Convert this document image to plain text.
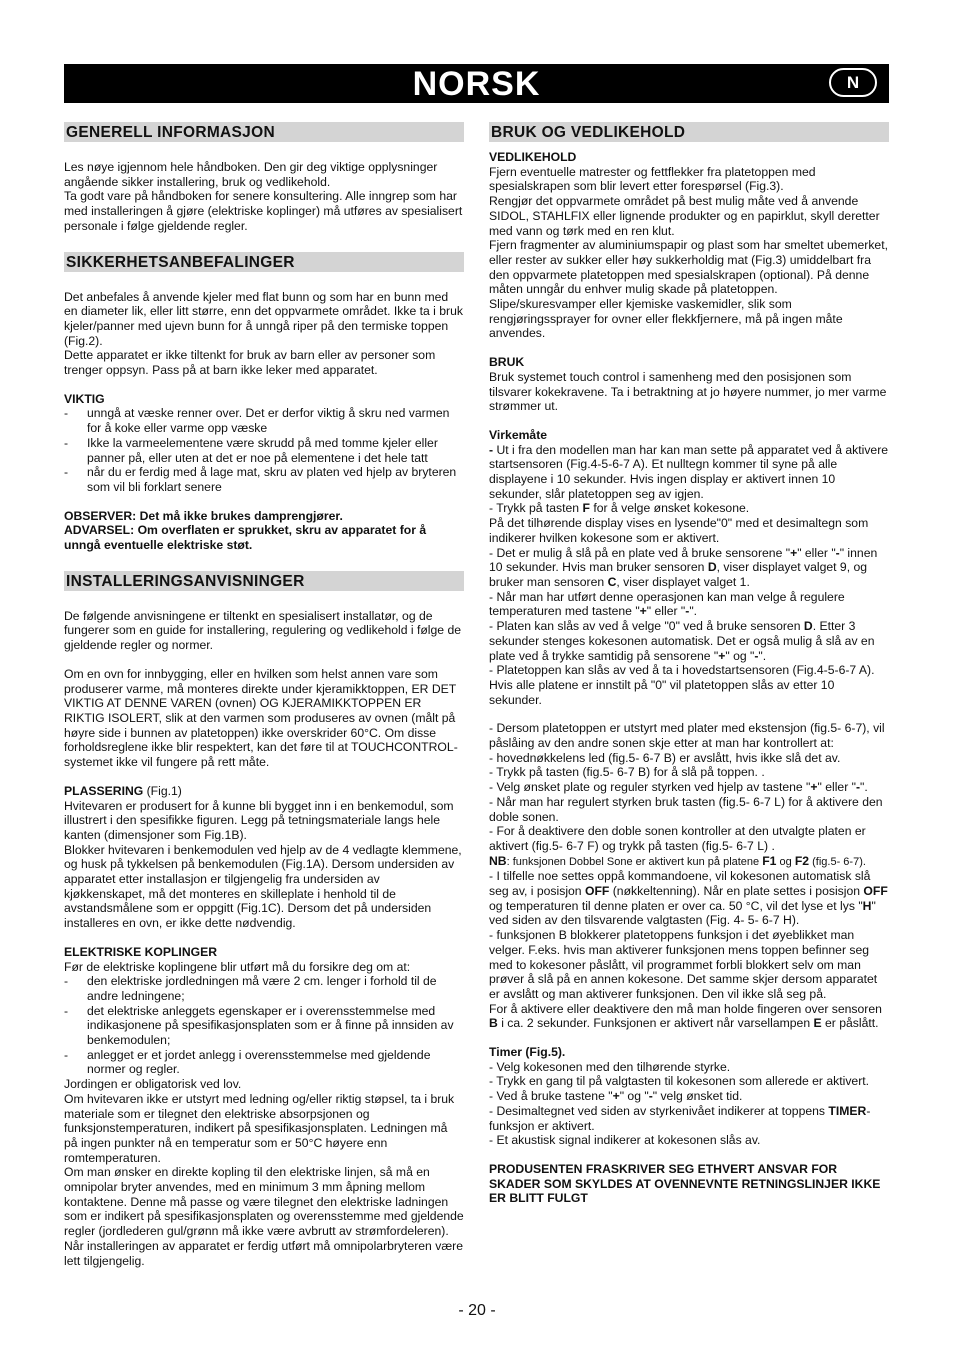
NORSK	N
GENERELL INFORMASJON

Les nøye igjennom hele håndboken. Den gir deg viktige opplysninger angående sikker installering, bruk og vedlikehold.

Ta godt vare på håndboken for senere konsultering. Alle inngrep som har med installeringen å gjøre (elektriske koplinger) må utføres av spesialisert personale i følge gjeldende regler.

SIKKERHETSANBEFALINGER

Det anbefales å anvende kjeler med flat bunn og som har en bunn med en diameter lik, eller litt større, enn det oppvarmete området. Ikke ta i bruk kjeler/panner med ujevn bunn for å unngå riper på den termiske toppen (Fig.2).

Dette apparatet er ikke tiltenkt for bruk av barn eller av personer som trenger oppsyn. Pass på at barn ikke leker med apparatet.

VIKTIG

- unngå at væske renner over. Det er derfor viktig å skru ned varmen for å koke eller varme opp væske
- Ikke la varmeelementene være skrudd på med tomme kjeler eller panner på, eller uten at det er noe på elementene i det hele tatt
- når du er ferdig med å lage mat, skru av platen ved hjelp av bryteren som vil bli forklart senere

OBSERVER: Det må ikke brukes damprengjører.

ADVARSEL: Om overflaten er sprukket, skru av apparatet for å unngå eventuelle elektriske støt.

INSTALLERINGSANVISNINGER

De følgende anvisningene er tiltenkt en spesialisert installatør, og de fungerer som en guide for installering, regulering og vedlikehold i følge de gjeldende regler og normer.

Om en ovn for innbygging, eller en hvilken som helst annen vare som produserer varme, må monteres direkte under kjeramikktoppen, ER DET VIKTIG AT DENNE VAREN (ovnen) OG KJERAMIKKTOPPEN ER RIKTIG ISOLERT, slik at den varmen som produseres av ovnen (målt på høyre side i bunnen av platetoppen) ikke overskrider 60°C. Om disse forholdsreglene ikke blir respektert, kan det føre til at TOUCHCONTROL-systemet ikke vil fungere på rett måte.

PLASSERING (Fig.1)

Hvitevaren er produsert for å kunne bli bygget inn i en benkemodul, som illustrert i den spesifikke figuren. Legg på tetningsmateriale langs hele kanten (dimensjoner som Fig.1B).

Blokker hvitevaren i benkemodulen ved hjelp av de 4 vedlagte klemmene, og husk på tykkelsen på benkemodulen (Fig.1A). Dersom undersiden av apparatet etter installasjon er tilgjengelig fra undersiden av kjøkkenskapet, må det monteres en skilleplate i henhold til de avstandsmålene som er oppgitt (Fig.1C). Dersom det på undersiden installeres en ovn, er ikke dette nødvendig.

ELEKTRISKE KOPLINGER

Før de elektriske koplingene blir utført må du forsikre deg om at:

- den elektriske jordledningen må være 2 cm. lenger i forhold til de andre ledningene;
- det elektriske anleggets egenskaper er i overensstemmelse med indikasjonene på spesifikasjonsplaten som er å finne på innsiden av benkemodulen;
- anlegget er et jordet anlegg i overensstemmelse med gjeldende normer og regler.

Jordingen er obligatorisk ved lov.

Om hvitevaren ikke er utstyrt med ledning og/eller riktig støpsel, ta i bruk materiale som er tilegnet den elektriske absorpsjonen og funksjonstemperaturen, indikert på spesifikasjonsplaten. Ledningen må på ingen punkter nå en temperatur som er 50°C høyere enn romtemperaturen.

Om man ønsker en direkte kopling til den elektriske linjen, så må en omnipolar bryter anvendes, med en minimum 3 mm åpning mellom kontaktene. Denne må passe og være tilegnet den elektriske ladningen som er indikert på spesifikasjonsplaten og overensstemme med gjeldende regler (jordlederen gul/grønn må ikke være avbrutt av strømfordeleren).

Når installeringen av apparatet er ferdig utført må omnipolarbryteren være lett tilgjengelig.

BRUK OG VEDLIKEHOLD

VEDLIKEHOLD

Fjern eventuelle matrester og fettflekker fra platetoppen med spesialskrapen som blir levert etter forespørsel (Fig.3).

Rengjør det oppvarmete området på best mulig måte ved å anvende SIDOL, STAHLFIX eller lignende produkter og en papirklut, skyll deretter med vann og tørk med en ren klut.

Fjern fragmenter av aluminiumspapir og plast som har smeltet ubemerket, eller rester av sukker eller høy sukkerholdig mat (Fig.3) umiddelbart fra den oppvarmete platetoppen med spesialskrapen (optional). På denne måten unngår du enhver mulig skade på platetoppen.

Slipe/skuresvamper eller kjemiske vaskemidler, slik som rengjøringssprayer for ovner eller flekkfjernere, må på ingen måte anvendes.

BRUK

Bruk systemet touch control i samenheng med den posisjonen som tilsvarer kokekravene. Ta i betraktning at jo høyere nummer, jo mer varme strømmer ut.

Virkemåte

- Ut i fra den modellen man har kan man sette på apparatet ved å aktivere startsensoren (Fig.4-5-6-7 A). Et nulltegn kommer til syne på alle displayene i 10 sekunder. Hvis ingen display er aktivert innen 10 sekunder, slår platetoppen seg av igjen.

- Trykk på tasten F for å velge ønsket kokesone.

På det tilhørende display vises en lysende"0" med et desimaltegn som indikerer hvilken kokesone som er aktivert.

- Det er mulig å slå på en plate ved å bruke sensorene "+" eller "-" innen 10 sekunder. Hvis man bruker sensoren D, viser displayet valget 9, og bruker man sensoren C, viser displayet valget 1.

- Når man har utført denne operasjonen kan man velge å regulere temperaturen med tastene "+" eller "-".

- Platen kan slås av ved å velge "0" ved å bruke sensoren D. Etter 3 sekunder stenges kokesonen automatisk. Det er også mulig å slå av en plate ved å trykke samtidig på sensorene "+" og "-".

- Platetoppen kan slås av ved å ta i hovedstartsensoren (Fig.4-5-6-7 A). Hvis alle platene er innstilt på "0" vil platetoppen slås av etter 10 sekunder.

- Dersom platetoppen er utstyrt med plater med ekstensjon (fig.5- 6-7), vil påslåing av den andre sonen skje etter at man har kontrollert at:

- hovednøkkelens led (fig.5- 6-7 B) er avslått, hvis ikke slå det av.

- Trykk på tasten (fig.5- 6-7 B) for å slå på toppen. .

- Velg ønsket plate og reguler styrken ved hjelp av tastene "+" eller "-".

- Når man har regulert styrken bruk tasten (fig.5- 6-7 L) for å aktivere den doble sonen.

- For å deaktivere den doble sonen kontroller at den utvalgte platen er aktivert (fig.5- 6-7 F) og trykk på tasten (fig.5- 6-7 L) .

NB: funksjonen Dobbel Sone er aktivert kun på platene F1 og F2 (fig.5- 6-7).

- I tilfelle noe settes oppå kommandoene, vil kokesonen automatisk slå seg av, i posisjon OFF (nøkkeltenning). Når en plate settes i posisjon OFF og temperaturen til denne platen er over ca. 50 °C, vil det lyse et lys "H" ved siden av den tilsvarende valgtasten (Fig. 4- 5- 6-7 H).

- funksjonen B blokkerer platetoppens funksjon i det øyeblikket man velger. F.eks. hvis man aktiverer funksjonen mens toppen befinner seg med to kokesoner påslått, vil programmet forbli blokkert selv om man prøver å slå på en annen kokesone. Det samme skjer dersom apparatet er avslått og man aktiverer funksjonen. Den vil ikke slå seg på.

For å aktivere eller deaktivere den må man holde fingeren over sensoren B i ca. 2 sekunder. Funksjonen er aktivert når varsellampen E er påslått.

Timer (Fig.5).

- Velg kokesonen med den tilhørende styrke.

- Trykk en gang til på valgtasten til kokesonen som allerede er aktivert.

- Ved å bruke tastene "+" og "-" velg ønsket tid.

- Desimaltegnet ved siden av styrkenivået indikerer at toppens TIMER-funksjon er aktivert.

- Et akustisk signal indikerer at kokesonen slås av.

PRODUSENTEN FRASKRIVER SEG ETHVERT ANSVAR FOR SKADER SOM SKYLDES AT OVENNEVNTE RETNINGSLINJER IKKE ER BLITT FULGT

- 20 -
